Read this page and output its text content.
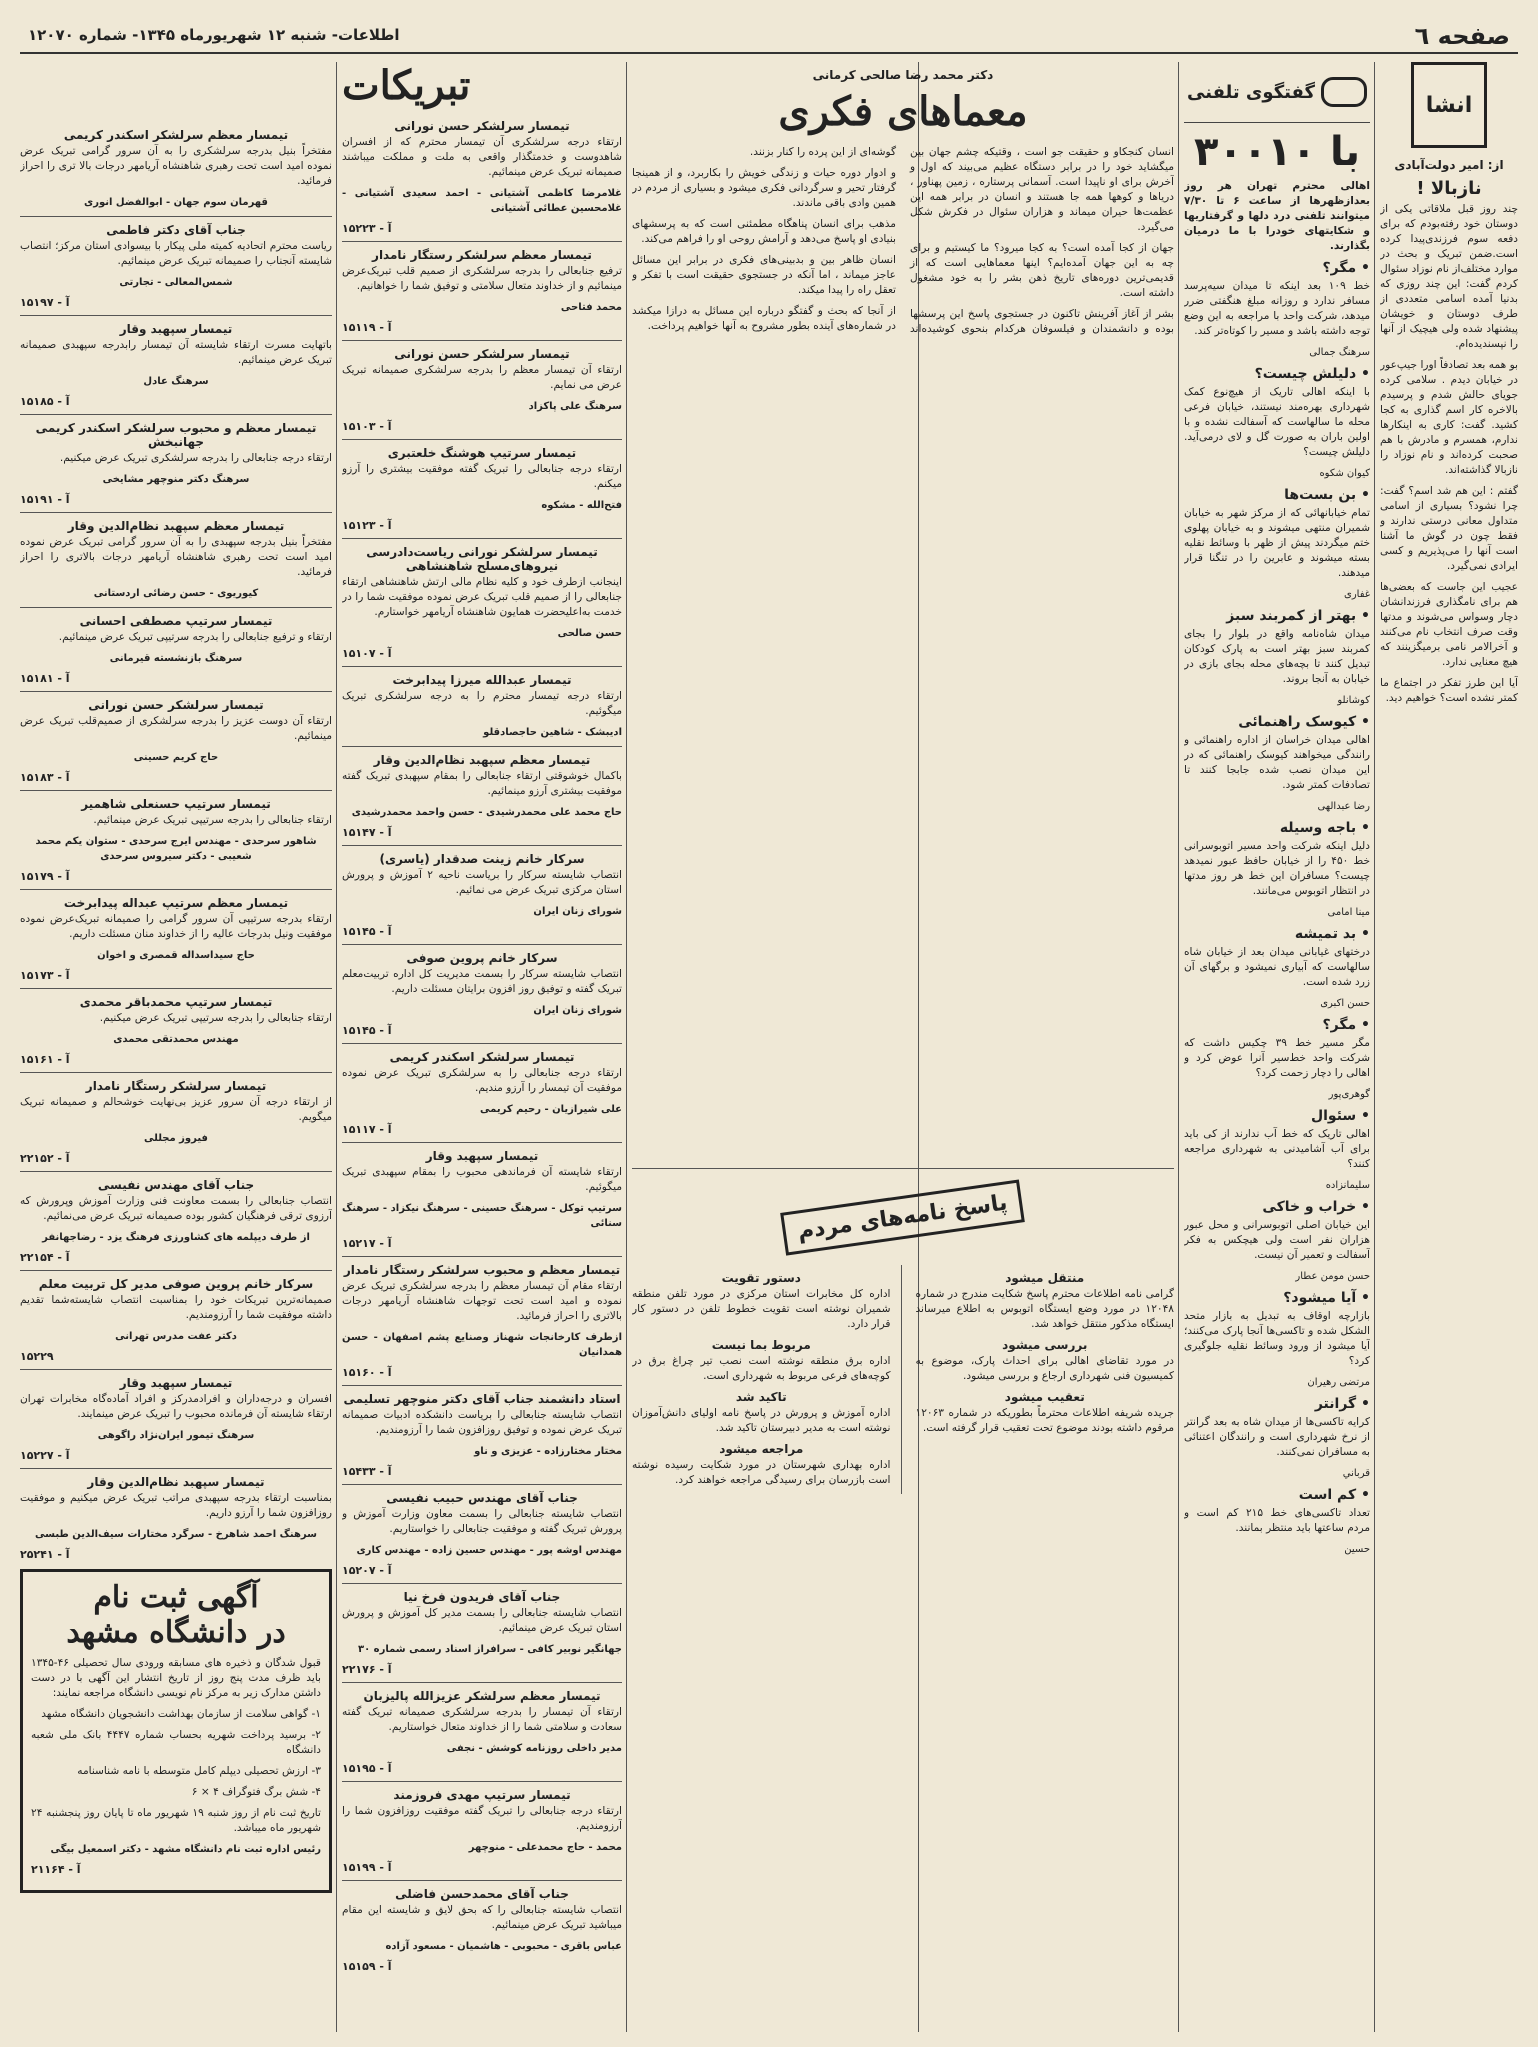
صفحه ٦
اطلاعات- شنبه ۱۲ شهریورماه ۱۳۴۵- شماره ۱۲۰۷۰
انشا
از: امیر دولت‌آبادی
نازبالا !

چند روز قبل ملاقاتی یکی از دوستان خود رفته‌بودم که برای دفعه سوم فرزندی‌پیدا کرده است.ضمن تبریک و بحث در موارد مختلف‌از نام نوزاد سئوال کردم گفت: این چند روزی که بدنیا آمده اسامی متعددی از طرف دوستان و خویشان پیشنهاد شده ولی هیچیک از آنها را نپسندیده‌ام.

بو همه بعد تصادفاً اورا جیپ‌عور در خیابان دیدم . سلامی کرده جویای حالش شدم و پرسیدم بالاخره کار اسم گذاری به کجا کشید. گفت: کاری به اینکارها ندارم، همسرم و مادرش با هم صحبت کرده‌اند و نام نوزاد را نازبالا گذاشته‌اند.

گفتم : این هم شد اسم؟ گفت: چرا نشود؟ بسیاری از اسامی متداول معانی درستی ندارند و فقط چون در گوش ما آشنا است آنها را می‌پذیریم و کسی ایرادی نمی‌گیرد.

عجیب این جاست که بعضی‌ها هم برای نامگذاری فرزندانشان دچار وسواس می‌شوند و مدتها وقت صرف انتخاب نام می‌کنند و آخرالامر نامی برمیگزینند که هیچ معنایی ندارد.

آیا این طرز تفکر در اجتماع ما کمتر نشده است؟ خواهیم دید.

گفتگوی تلفنی
با ۳۰۰۱۰

اهالی محترم تهران هر روز بعدازظهرها از ساعت ۶ تا ۷/۳۰ میتوانند تلفنی درد دلها و گرفتاریها و شکایتهای خودرا با ما درمیان بگذارند.

• مگر؟

خط ۱۰۹ بعد اینکه تا میدان سیه‌پرسد مسافر ندارد و روزانه مبلغ هنگفتی ضرر میدهد، شرکت واحد با مراجعه به این وضع توجه داشته باشد و مسیر را کوتاه‌تر کند.

سرهنگ جمالی

• دلیلش چیست؟

با اینکه اهالی تاریک از هیچ‌نوع کمک شهرداری بهره‌مند نیستند، خیابان فرعی محله ما سالهاست که آسفالت نشده و با اولین باران به صورت گل و لای درمی‌آید. دلیلش چیست؟

کیوان شکوه

• بن بست‌ها

تمام خیابانهائی که از مرکز شهر به خیابان شمیران منتهی میشوند و به خیابان پهلوی ختم میگردند پیش از ظهر با وسائط نقلیه بسته میشوند و عابرین را در تنگنا قرار میدهند.

غفاری

• بهتر از کمربند سبز

میدان شاه‌نامه واقع در بلوار را بجای کمربند سبز بهتر است به پارک کودکان تبدیل کنند تا بچه‌های محله بجای بازی در خیابان به آنجا بروند.

کوشانلو

• کیوسک راهنمائی

اهالی میدان خراسان از اداره راهنمائی و رانندگی میخواهند کیوسک راهنمائی که در این میدان نصب شده جابجا کنند تا تصادفات کمتر شود.

رضا عبدالهی

• باجه وسیله

دلیل اینکه شرکت واحد مسیر اتوبوسرانی خط ۴۵۰ را از خیابان حافظ عبور نمیدهد چیست؟ مسافران این خط هر روز مدتها در انتظار اتوبوس می‌مانند.

مینا امامی

• بد تمیشه

درختهای غیابانی میدان بعد از خیابان شاه سالهاست که آبیاری نمیشود و برگهای آن زرد شده است.

حسن اکبری

• مگر؟

مگر مسیر خط ۳۹ چکیس داشت که شرکت واحد خط‌سیر آنرا عوض کرد و اهالی را دچار زحمت کرد؟

گوهری‌پور

• سئوال

اهالی تاریک که خط آب ندارند از کی باید برای آب آشامیدنی به شهرداری مراجعه کنند؟

سلیمانزاده

• خراب و خاکی

این خیابان اصلی اتوبوسرانی و محل عبور هزاران نفر است ولی هیچکس به فکر آسفالت و تعمیر آن نیست.

حسن مومن عطار

• آیا میشود؟

بازارچه اوقاف به تبدیل به بازار متحد الشکل شده و تاکسی‌ها آنجا پارک می‌کنند؛ آیا میشود از ورود وسائط نقلیه جلوگیری کرد؟

مرتضی رهیران

• گرانتر

کرایه تاکسی‌ها از میدان شاه به بعد گرانتر از نرخ شهرداری است و رانندگان اعتنائی به مسافران نمی‌کنند.

قرباني

• کم است

تعداد تاکسی‌های خط ۲۱۵ کم است و مردم ساعتها باید منتظر بمانند.

حسین

دکتر محمد رضا صالحی کرمانی
معماهای فکری

انسان کنجکاو و حقیقت جو است ، وقتیکه چشم جهان بین میگشاید خود را در برابر دستگاه عظیم می‌بیند که اول و آخرش برای او ناپیدا است. آسمانی پرستاره ، زمین پهناور ، دریاها و کوهها همه جا هستند و انسان در برابر همه این عظمت‌ها حیران میماند و هزاران سئوال در فکرش شکل می‌گیرد.

جهان از کجا آمده است؟ به کجا میرود؟ ما کیستیم و برای چه به این جهان آمده‌ایم؟ اینها معماهایی است که از قدیمی‌ترین دوره‌های تاریخ ذهن بشر را به خود مشغول داشته است.

بشر از آغاز آفرینش تاکنون در جستجوی پاسخ این پرسشها بوده و دانشمندان و فیلسوفان هرکدام بنحوی کوشیده‌اند گوشه‌ای از این پرده را کنار بزنند.

و ادوار دوره حیات و زندگی خویش را بکاربرد، و از همینجا گرفتار تحیر و سرگردانی فکری ميشود و بسیاری از مردم در همین وادی باقی ماندند.

مذهب برای انسان پناهگاه مطمئنی است که به پرسشهای بنیادی او پاسخ می‌دهد و آرامش روحی او را فراهم می‌کند.

انسان ظاهر بین و بدبینی‌های فکری در برابر این مسائل عاجز میماند ، اما آنکه در جستجوی حقیقت است با تفکر و تعقل راه را پیدا میکند.

از آنجا که بحث و گفتگو درباره این مسائل به درازا میکشد در شماره‌های آینده بطور مشروح به آنها خواهیم پرداخت.

پاسخ نامه‌های مردم
منتقل میشود

گرامی نامه اطلاعات محترم پاسخ شکایت مندرج در شماره ۱۲۰۴۸ در مورد وضع ایستگاه اتوبوس به اطلاع میرساند ایستگاه مذکور منتقل خواهد شد.

بررسی میشود

در مورد تقاضای اهالی برای احداث پارک، موضوع به کمیسیون فنی شهرداری ارجاع و بررسی میشود.

تعقیب میشود

جریده شریفه اطلاعات محترماً بطوریکه در شماره ۱۲۰۶۳ مرقوم داشته بودند موضوع تحت تعقیب قرار گرفته است.

دستور تقویت

اداره کل مخابرات استان مرکزی در مورد تلفن منطقه شمیران نوشته است تقویت خطوط تلفن در دستور کار قرار دارد.

مربوط بما نیست

اداره برق منطقه نوشته است نصب تیر چراغ برق در کوچه‌های فرعی مربوط به شهرداری است.

تاکید شد

اداره آموزش و پرورش در پاسخ نامه اولیای دانش‌آموزان نوشته است به مدیر دبیرستان تاکید شد.

مراجعه میشود

اداره بهداری شهرستان در مورد شکایت رسیده نوشته است بازرسان برای رسیدگی مراجعه خواهند کرد.

تبریکات
تیمسار سرلشکر حسن نورانی

ارتقاء درجه سرلشکری آن تیمسار محترم که از افسران شاهدوست و خدمتگذار واقعی به ملت و مملکت میباشند صمیمانه تبریک عرض مینمائیم.

غلامرضا کاظمی آشتیانی - احمد سعیدی آشتیانی - غلامحسین عطائی آشتیانی

آ - ۱۵۲۲۳
تیمسار معظم سرلشکر رستگار نامدار

ترفیع جنابعالی را بدرجه سرلشکری از صمیم قلب تبریک‌عرض مینمائیم و از خداوند متعال سلامتی و توفیق شما را خواهانیم.

محمد فتاحی

آ - ۱۵۱۱۹
تیمسار سرلشکر حسن نورانی

ارتقاء آن تیمسار معظم را بدرجه سرلشکری صمیمانه تبریک عرض می نمایم.

سرهنگ علی پاکزاد

آ - ۱۵۱۰۳
تیمسار سرتیپ هوشنگ خلعتبری

ارتقاء درجه جنابعالی را تبریک گفته موفقیت بیشتری را آرزو میکنم.

فتح‌الله - مشکوه

آ - ۱۵۱۲۳
تیمسار سرلشکر نورانی ریاست‌دادرسی نیروهای‌مسلح شاهنشاهی

اینجانب ازطرف خود و کلیه نظام مالی ارتش شاهنشاهی ارتقاء جنابعالی را از صمیم قلب تبریک عرض نموده موفقیت شما را در خدمت به‌اعلیحضرت همایون شاهنشاه آریامهر خواستارم.

حسن صالحی

آ - ۱۵۱۰۷
تیمسار عبدالله میرزا پیدابرخت

ارتقاء درجه تیمسار محترم را به درجه سرلشکری تبریک میگوئیم.

ادیبشک - شاهین حاجصادقلو

تیمسار معظم سپهبد نظام‌الدین وقار

باکمال خوشوقتی ارتقاء جنابعالی را بمقام سپهبدی تبریک گفته موفقیت بیشتری آرزو مینمائیم.

حاج محمد علی محمدرشیدی - حسن واحمد محمدرشیدی

آ - ۱۵۱۴۷
سرکار خانم زینت صدقدار (یاسری)

انتصاب شایسته سرکار را بریاست ناحیه ۲ آموزش و پرورش استان مرکزی تبریک عرض می نمائیم.

شورای زنان ایران

آ - ۱۵۱۴۵
سرکار خانم پروین صوفی

انتصاب شایسته سرکار را بسمت مدیریت کل اداره تربیت‌معلم تبریک گفته و توفیق روز افزون برایتان مسئلت داریم.

شورای زنان ایران

آ - ۱۵۱۴۵
تیمسار سرلشکر اسکندر کریمی

ارتقاء درجه جنابعالی را به سرلشکری تبریک عرض نموده موفقیت آن تیمسار را آرزو مندیم.

علی شیرازیان - رحیم کریمی

آ - ۱۵۱۱۷
تیمسار سپهبد وقار

ارتقاء شایسته آن فرماندهی محبوب را بمقام سپهبدی تبریک میگوئیم.

سرتیپ توکل - سرهنگ حسینی - سرهنگ نیکزاد - سرهنگ سنائی

آ - ۱۵۲۱۷
تیمسار معظم و محبوب سرلشکر رستگار نامدار

ارتقاء مقام آن تیمسار معظم را بدرجه سرلشکری تبریک عرض نموده و امید است تحت توجهات شاهنشاه آریامهر درجات بالاتری را احراز فرمائید.

ازطرف کارخانجات شهناز وصنایع پشم اصفهان - حسن همدانیان

آ - ۱۵۱۶۰
استاد دانشمند جناب آقای دکتر منوچهر تسلیمی

انتصاب شایسته جنابعالی را بریاست دانشکده ادبیات صمیمانه تبریک عرض نموده و توفیق روزافزون شما را آرزومندیم.

مختار مختارزاده - عزیزی و ناو

آ - ۱۵۴۳۳
جناب آقای مهندس حبیب نفیسی

انتصاب شایسته جنابعالی را بسمت معاون وزارت آموزش و پرورش تبریک گفته و موفقیت جنابعالی را خواستاریم.

مهندس اوشه پور - مهندس حسین زاده - مهندس کاری

آ - ۱۵۲۰۷
جناب آقای فریدون فرخ نیا

انتصاب شایسته جنابعالی را بسمت مدیر کل آموزش و پرورش استان تبریک عرض مینمائیم.

جهانگیر نوبیر کافی - سرافراز اسناد رسمی شماره ۳۰

آ - ۲۲۱۷۶
تیمسار معظم سرلشکر عزیزالله پالیزبان

ارتقاء آن تیمسار را بدرجه سرلشکری صمیمانه تبریک گفته سعادت و سلامتی شما را از خداوند متعال خواستاریم.

مدیر داخلی روزنامه کوشش - نجفی

آ - ۱۵۱۹۵
تیمسار سرتیپ مهدی فروزمند

ارتقاء درجه جنابعالی را تبریک گفته موفقیت روزافزون شما را آرزومندیم.

محمد - حاج محمدعلی - منوچهر

آ - ۱۵۱۹۹
جناب آقای محمدحسن فاضلی

انتصاب شایسته جنابعالی را که بحق لایق و شایسته این مقام میباشید تبریک عرض مینمائیم.

عباس باقری - محبوبی - هاشمیان - مسعود آزاده

آ - ۱۵۱۵۹
تیمسار معظم سرلشکر اسکندر کریمی

مفتخراً بنیل بدرجه سرلشکری را به آن سرور گرامی تبریک عرض نموده امید است تحت رهبری شاهنشاه آریامهر درجات بالا تری را احراز فرمائید.

قهرمان سوم جهان - ابوالفضل انوری

جناب آقای دکتر فاطمی

ریاست محترم اتحادیه کمیته ملی پیکار با بیسوادی استان مرکز؛ انتصاب شایسته آنجناب را صمیمانه تبریک عرض مینمائیم.

شمس‌المعالی - تجارتی

آ - ۱۵۱۹۷
تیمسار سپهبد وقار

باتهایت مسرت ارتقاء شایسته آن تیمسار رابدرجه سپهبدی صمیمانه تبریک عرض مینمائیم.

سرهنگ عادل

آ - ۱۵۱۸۵
تیمسار معظم و محبوب سرلشکر اسکندر کریمی جهانبخش

ارتقاء درجه جنابعالی را بدرجه سرلشکری تبریک عرض میکنیم.

سرهنگ دکتر منوچهر مشایخی

آ - ۱۵۱۹۱
تیمسار معظم سپهبد نظام‌الدین وقار

مفتخراً بنیل بدرجه سپهبدی را به آن سرور گرامی تبریک عرض نموده امید است تحت رهبری شاهنشاه آریامهر درجات بالاتری را احراز فرمائید.

کیوریوی - حسن رضائی اردستانی

تیمسار سرتیپ مصطفی احسانی

ارتقاء و ترفیع جنابعالی را بدرجه سرتیپی تبریک عرض مینمائیم.

سرهنگ بازنشسته قیرمانی

آ - ۱۵۱۸۱
تیمسار سرلشکر حسن نورانی

ارتقاء آن دوست عزیز را بدرجه سرلشکری از صمیم‌قلب تبریک عرض مینمائیم.

حاج کریم حسینی

آ - ۱۵۱۸۳
تیمسار سرتیپ حسنعلی شاهمیر

ارتقاء جنابعالی را بدرجه سرتیپی تبریک عرض مینمائیم.

شاهور سرحدی - مهندس ایرج سرحدی - ستوان یکم محمد شعیبی - دکتر سیروس سرحدی

آ - ۱۵۱۷۹
تیمسار معظم سرتیپ عبداله پیدابرخت

ارتقاء بدرجه سرتیپی آن سرور گرامی را صمیمانه تبریک‌عرض نموده موفقیت ونیل بدرجات عالیه را از خداوند منان مسئلت داریم.

حاج سیداسداله قمصری و اخوان

آ - ۱۵۱۷۳
تیمسار سرتیپ محمدباقر محمدی

ارتقاء جنابعالی را بدرجه سرتیپی تبریک عرض میکنیم.

مهندس محمدتقی محمدی

آ - ۱۵۱۶۱
تیمسار سرلشکر رستگار نامدار

از ارتقاء درجه آن سرور عزیز بی‌نهایت خوشحالم و صمیمانه تبریک میگویم.

فیروز مجللی

آ - ۲۲۱۵۲
جناب آقای مهندس نفیسی

انتصاب جنابعالی را بسمت معاونت فنی وزارت آموزش وپرورش که آرزوی ترقی فرهنگیان کشور بوده صمیمانه تبریک عرض می‌نمائیم.

از طرف دیپلمه های کشاورزی فرهنگ یزد - رضاجهانفر

آ - ۲۲۱۵۴
سرکار خانم پروین صوفی مدیر کل تربیت معلم

صمیمانه‌ترین تبریکات خود را بمناسبت انتصاب شایسته‌شما تقدیم داشته موفقیت شما را آرزومندیم.

دکتر عفت مدرس تهرانی

۱۵۲۲۹
تیمسار سپهبد وقار

افسران و درجه‌داران و افرادمدرکز و افراد آماده‌گاه مخابرات تهران ارتقاء شایسته آن فرمانده محبوب را تبریک عرض مینمایند.

سرهنگ تیمور ایران‌نژاد راگوهی

آ - ۱۵۲۲۷
تیمسار سپهبد نظام‌الدین وقار

بمناسبت ارتقاء بدرجه سپهبدی مراتب تبریک عرض میکنیم و موفقیت روزافزون شما را آرزو داریم.

سرهنگ احمد شاهرخ - سرگرد مختارات سیف‌الدین طبسی

آ - ۲۵۲۴۱
آگهی ثبت نام
در دانشگاه مشهد

قبول شدگان و ذخیره های مسابقه ورودی سال تحصیلی ۴۶-۱۳۴۵ باید ظرف مدت پنج روز از تاریخ انتشار این آگهی با در دست داشتن مدارک زیر به مرکز نام نویسی دانشگاه مراجعه نمایند:

۱- گواهی سلامت از سازمان بهداشت دانشجویان دانشگاه مشهد

۲- برسید پرداخت شهریه بحساب شماره ۴۴۴۷ بانک ملی شعبه دانشگاه

۳- ارزش تحصیلی دیپلم کامل متوسطه با نامه شناسنامه

۴- شش برگ فتوگراف ۴ × ۶

تاریخ ثبت نام از روز شنبه ۱۹ شهریور ماه تا پایان روز پنجشنبه ۲۴ شهریور ماه میباشد.

رئیس اداره ثبت نام دانشگاه مشهد - دکتر اسمعیل بیگی

آ - ۲۱۱۶۴
